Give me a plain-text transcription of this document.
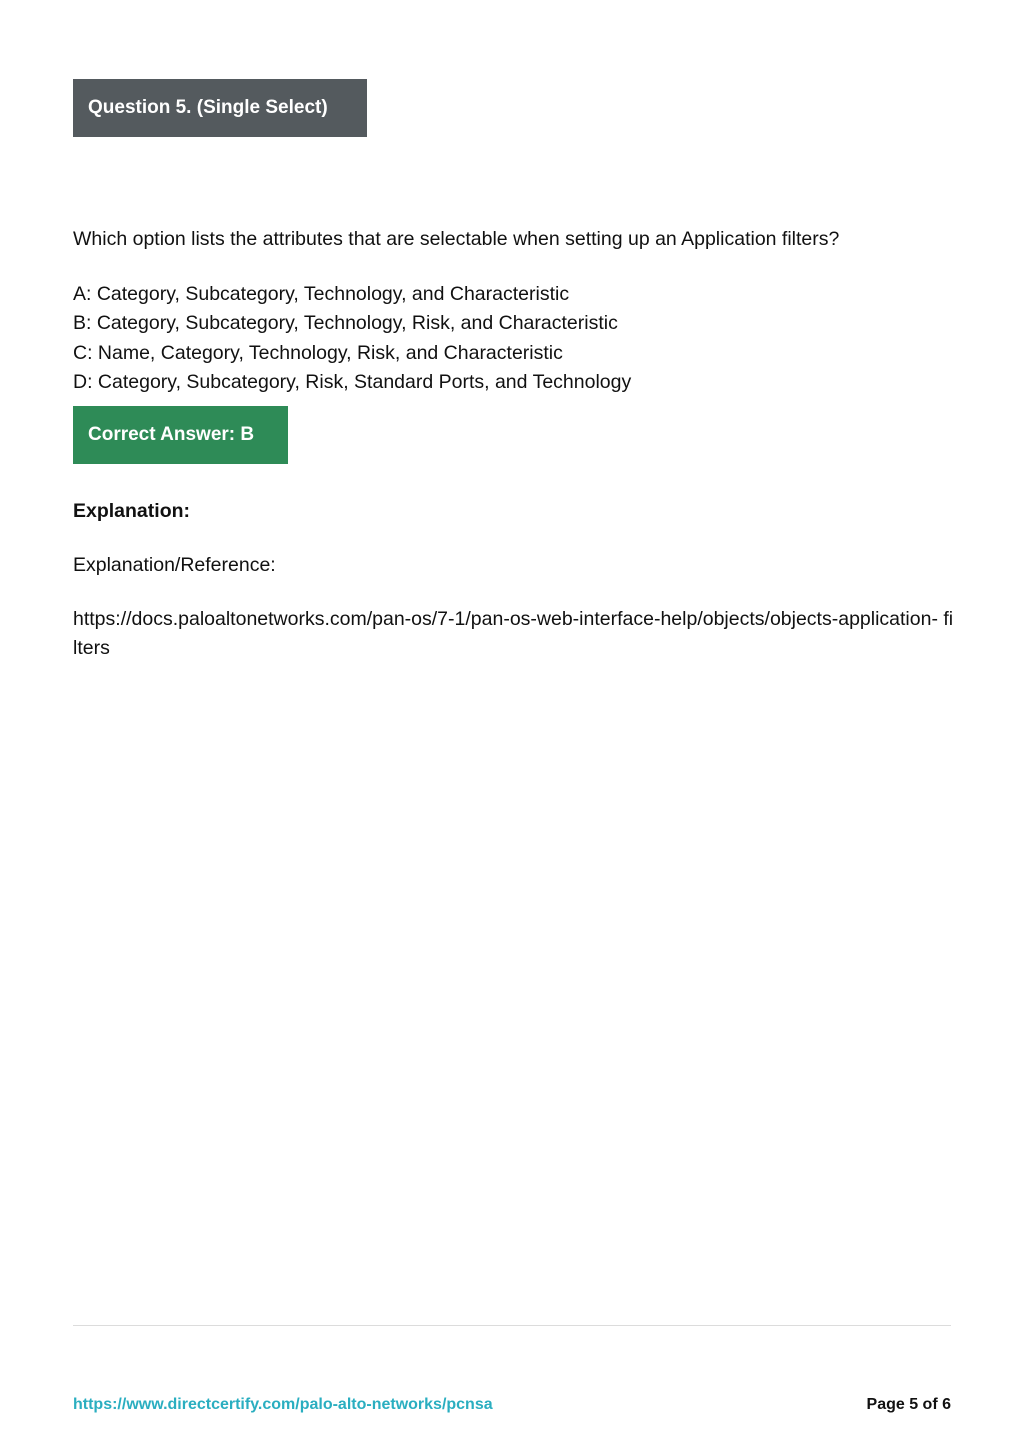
Question 5. (Single Select)
Which option lists the attributes that are selectable when setting up an Application filters?
A: Category, Subcategory, Technology, and Characteristic
B: Category, Subcategory, Technology, Risk, and Characteristic
C: Name, Category, Technology, Risk, and Characteristic
D: Category, Subcategory, Risk, Standard Ports, and Technology
Correct Answer: B
Explanation:
Explanation/Reference:
https://docs.paloaltonetworks.com/pan-os/7-1/pan-os-web-interface-help/objects/objects-application- filters
https://www.directcertify.com/palo-alto-networks/pcnsa	Page 5 of 6
